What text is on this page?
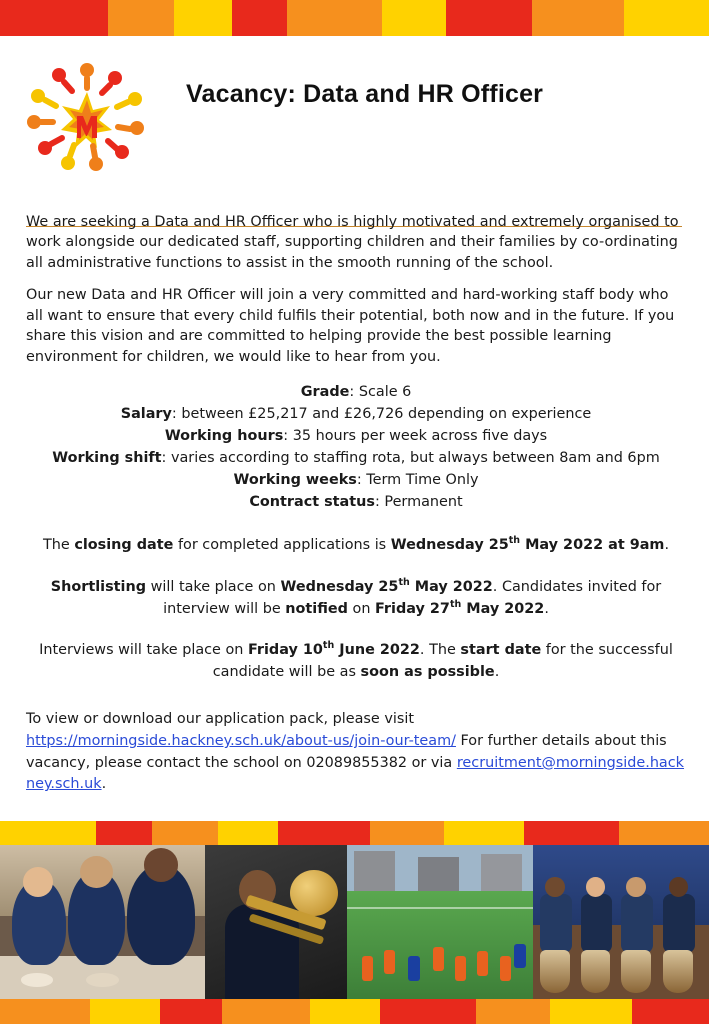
Vacancy: Data and HR Officer

We are seeking a Data and HR Officer who is highly motivated and extremely organised to work alongside our dedicated staff, supporting children and their families by co-ordinating all administrative functions to assist in the smooth running of the school.

Our new Data and HR Officer will join a very committed and hard-working staff body who all want to ensure that every child fulfils their potential, both now and in the future. If you share this vision and are committed to helping provide the best possible learning environment for children, we would like to hear from you.

Grade: Scale 6
Salary: between £25,217 and £26,726 depending on experience
Working hours: 35 hours per week across five days
Working shift: varies according to staffing rota, but always between 8am and 6pm
Working weeks: Term Time Only
Contract status: Permanent
The closing date for completed applications is Wednesday 25th May 2022 at 9am.
Shortlisting will take place on Wednesday 25th May 2022. Candidates invited for interview will be notified on Friday 27th May 2022.
Interviews will take place on Friday 10th June 2022. The start date for the successful candidate will be as soon as possible.
To view or download our application pack, please visit
https://morningside.hackney.sch.uk/about-us/join-our-team/ For further details about this vacancy, please contact the school on 02089855382 or via recruitment@morningside.hackney.sch.uk.
